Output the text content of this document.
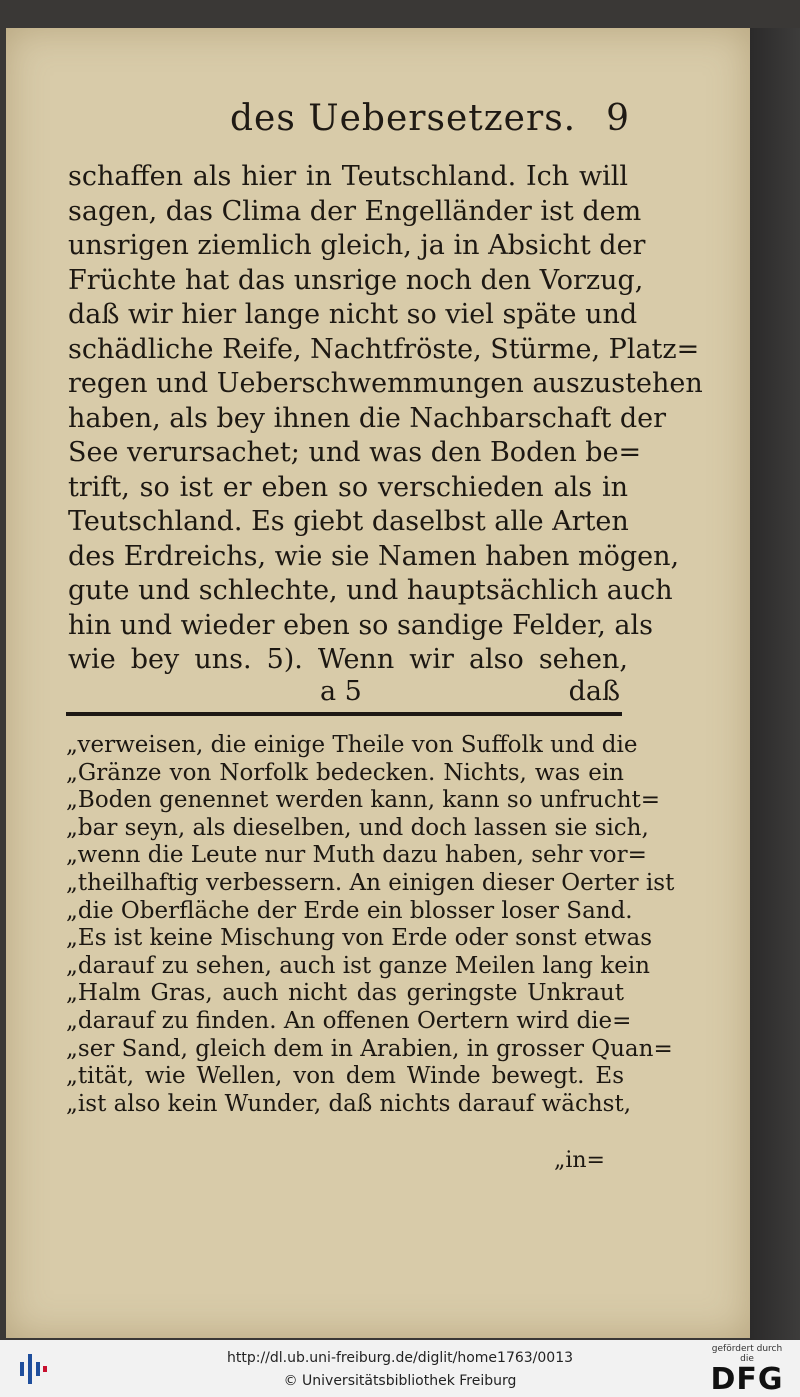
des Uebersetzers. 9
schaffen als hier in Teutschland. Ich will
sagen, das Clima der Engelländer ist dem
unsrigen ziemlich gleich, ja in Absicht der
Früchte hat das unsrige noch den Vorzug,
daß wir hier lange nicht so viel späte und
schädliche Reife, Nachtfröste, Stürme, Platz=
regen und Ueberschwemmungen auszustehen
haben, als bey ihnen die Nachbarschaft der
See verursachet; und was den Boden be=
trift, so ist er eben so verschieden als in
Teutschland. Es giebt daselbst alle Arten
des Erdreichs, wie sie Namen haben mögen,
gute und schlechte, und hauptsächlich auch
hin und wieder eben so sandige Felder, als
wie bey uns. 5). Wenn wir also sehen,
a 5	daß
„verweisen, die einige Theile von Suffolk und die
„Gränze von Norfolk bedecken. Nichts, was ein
„Boden genennet werden kann, kann so unfrucht=
„bar seyn, als dieselben, und doch lassen sie sich,
„wenn die Leute nur Muth dazu haben, sehr vor=
„theilhaftig verbessern. An einigen dieser Oerter ist
„die Oberfläche der Erde ein blosser loser Sand.
„Es ist keine Mischung von Erde oder sonst etwas
„darauf zu sehen, auch ist ganze Meilen lang kein
„Halm Gras, auch nicht das geringste Unkraut
„darauf zu finden. An offenen Oertern wird die=
„ser Sand, gleich dem in Arabien, in grosser Quan=
„tität, wie Wellen, von dem Winde bewegt. Es
„ist also kein Wunder, daß nichts darauf wächst,
„in=
http://dl.ub.uni-freiburg.de/diglit/home1763/0013
© Universitätsbibliothek Freiburg
gefördert durch die
DFG
